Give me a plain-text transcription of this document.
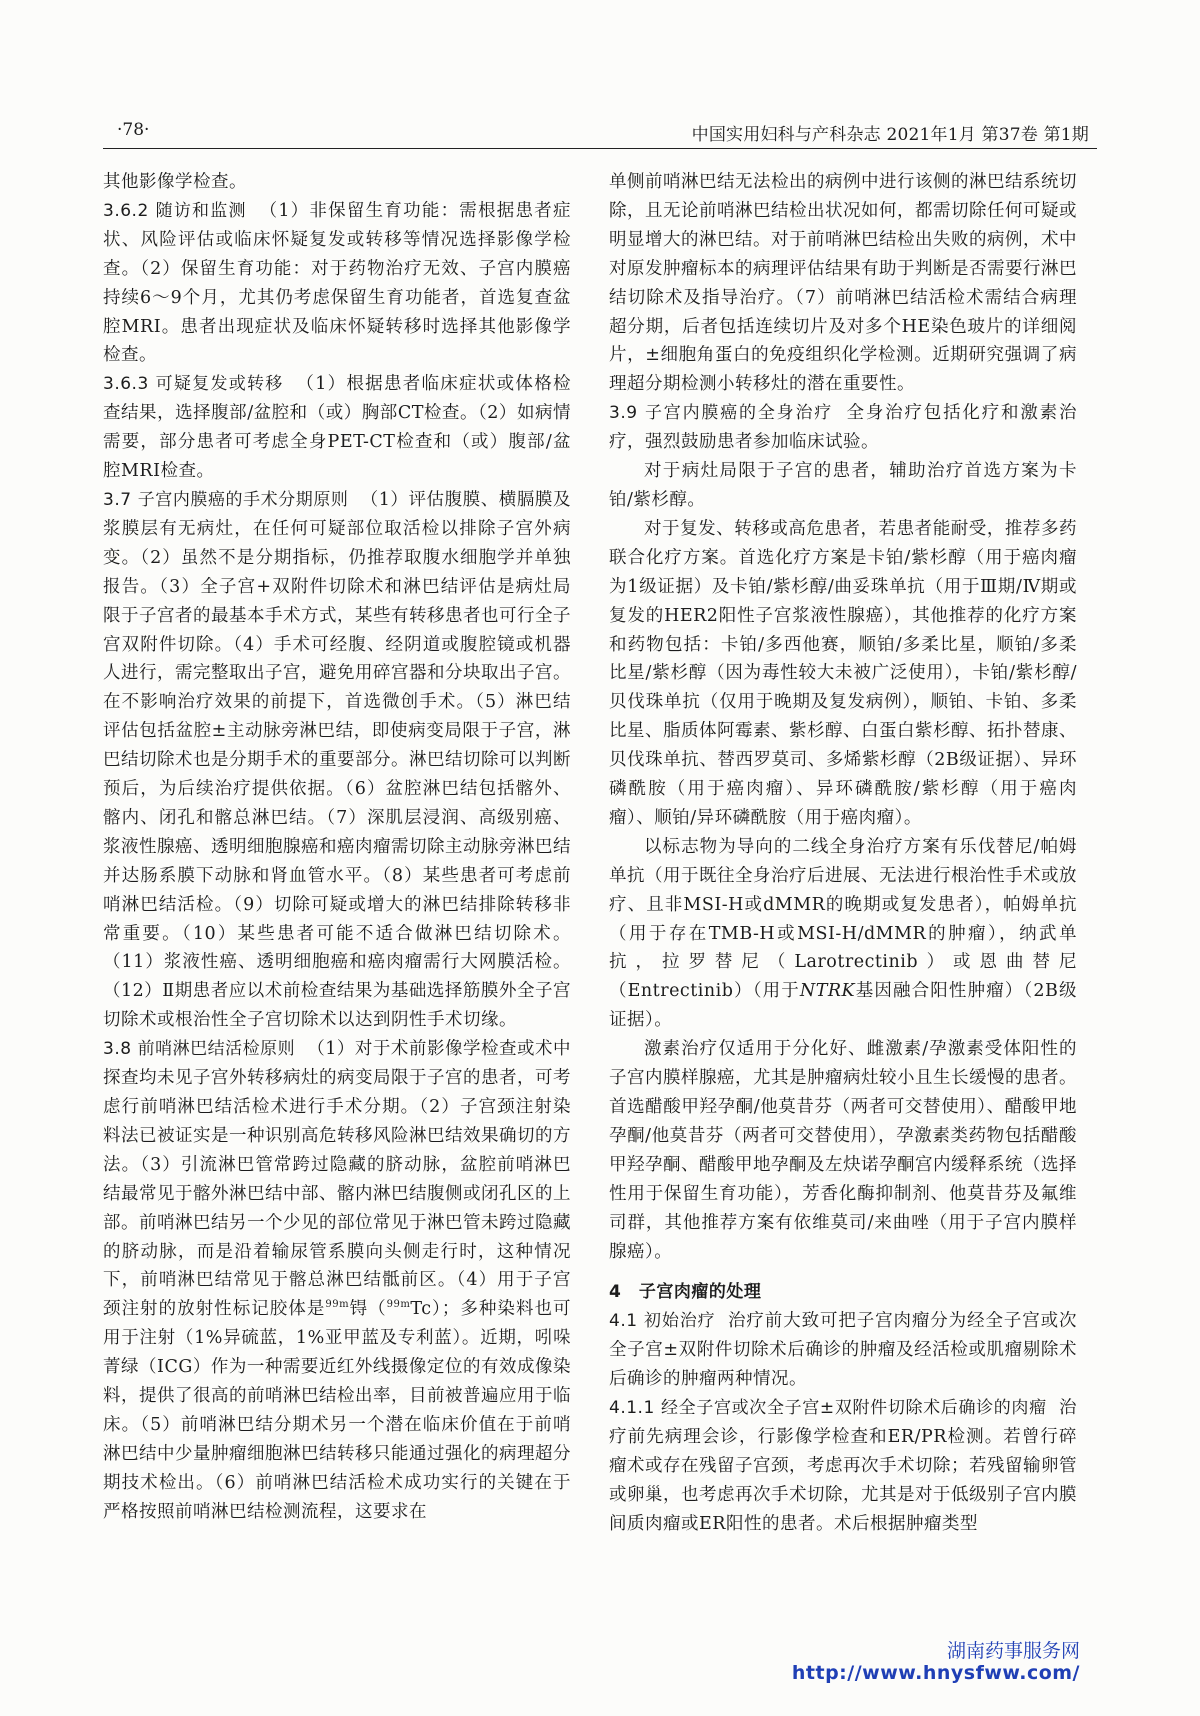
·78·	中国实用妇科与产科杂志 2021年1月 第37卷 第1期

其他影像学检查。

3.6.2 随访和监测 （1）非保留生育功能：需根据患者症状、风险评估或临床怀疑复发或转移等情况选择影像学检查。（2）保留生育功能：对于药物治疗无效、子宫内膜癌持续6～9个月，尤其仍考虑保留生育功能者，首选复查盆腔MRI。患者出现症状及临床怀疑转移时选择其他影像学检查。

3.6.3 可疑复发或转移 （1）根据患者临床症状或体格检查结果，选择腹部/盆腔和（或）胸部CT检查。（2）如病情需要，部分患者可考虑全身PET-CT检查和（或）腹部/盆腔MRI检查。

3.7 子宫内膜癌的手术分期原则 （1）评估腹膜、横膈膜及浆膜层有无病灶，在任何可疑部位取活检以排除子宫外病变。（2）虽然不是分期指标，仍推荐取腹水细胞学并单独报告。（3）全子宫+双附件切除术和淋巴结评估是病灶局限于子宫者的最基本手术方式，某些有转移患者也可行全子宫双附件切除。（4）手术可经腹、经阴道或腹腔镜或机器人进行，需完整取出子宫，避免用碎宫器和分块取出子宫。在不影响治疗效果的前提下，首选微创手术。（5）淋巴结评估包括盆腔±主动脉旁淋巴结，即使病变局限于子宫，淋巴结切除术也是分期手术的重要部分。淋巴结切除可以判断预后，为后续治疗提供依据。（6）盆腔淋巴结包括髂外、髂内、闭孔和髂总淋巴结。（7）深肌层浸润、高级别癌、浆液性腺癌、透明细胞腺癌和癌肉瘤需切除主动脉旁淋巴结并达肠系膜下动脉和肾血管水平。（8）某些患者可考虑前哨淋巴结活检。（9）切除可疑或增大的淋巴结排除转移非常重要。（10）某些患者可能不适合做淋巴结切除术。（11）浆液性癌、透明细胞癌和癌肉瘤需行大网膜活检。（12）Ⅱ期患者应以术前检查结果为基础选择筋膜外全子宫切除术或根治性全子宫切除术以达到阴性手术切缘。

3.8 前哨淋巴结活检原则 （1）对于术前影像学检查或术中探查均未见子宫外转移病灶的病变局限于子宫的患者，可考虑行前哨淋巴结活检术进行手术分期。（2）子宫颈注射染料法已被证实是一种识别高危转移风险淋巴结效果确切的方法。（3）引流淋巴管常跨过隐藏的脐动脉，盆腔前哨淋巴结最常见于髂外淋巴结中部、髂内淋巴结腹侧或闭孔区的上部。前哨淋巴结另一个少见的部位常见于淋巴管未跨过隐藏的脐动脉，而是沿着输尿管系膜向头侧走行时，这种情况下，前哨淋巴结常见于髂总淋巴结骶前区。（4）用于子宫颈注射的放射性标记胶体是$^{99m}$锝（$^{99m}$Tc）；多种染料也可用于注射（1%异硫蓝，1%亚甲蓝及专利蓝）。近期，吲哚菁绿（ICG）作为一种需要近红外线摄像定位的有效成像染料，提供了很高的前哨淋巴结检出率，目前被普遍应用于临床。（5）前哨淋巴结分期术另一个潜在临床价值在于前哨淋巴结中少量肿瘤细胞淋巴结转移只能通过强化的病理超分期技术检出。（6）前哨淋巴结活检术成功实行的关键在于严格按照前哨淋巴结检测流程，这要求在

单侧前哨淋巴结无法检出的病例中进行该侧的淋巴结系统切除，且无论前哨淋巴结检出状况如何，都需切除任何可疑或明显增大的淋巴结。对于前哨淋巴结检出失败的病例，术中对原发肿瘤标本的病理评估结果有助于判断是否需要行淋巴结切除术及指导治疗。（7）前哨淋巴结活检术需结合病理超分期，后者包括连续切片及对多个HE染色玻片的详细阅片，±细胞角蛋白的免疫组织化学检测。近期研究强调了病理超分期检测小转移灶的潜在重要性。

3.9 子宫内膜癌的全身治疗 全身治疗包括化疗和激素治疗，强烈鼓励患者参加临床试验。

对于病灶局限于子宫的患者，辅助治疗首选方案为卡铂/紫杉醇。

对于复发、转移或高危患者，若患者能耐受，推荐多药联合化疗方案。首选化疗方案是卡铂/紫杉醇（用于癌肉瘤为1级证据）及卡铂/紫杉醇/曲妥珠单抗（用于Ⅲ期/Ⅳ期或复发的HER2阳性子宫浆液性腺癌），其他推荐的化疗方案和药物包括：卡铂/多西他赛，顺铂/多柔比星，顺铂/多柔比星/紫杉醇（因为毒性较大未被广泛使用），卡铂/紫杉醇/贝伐珠单抗（仅用于晚期及复发病例），顺铂、卡铂、多柔比星、脂质体阿霉素、紫杉醇、白蛋白紫杉醇、拓扑替康、贝伐珠单抗、替西罗莫司、多烯紫杉醇（2B级证据）、异环磷酰胺（用于癌肉瘤）、异环磷酰胺/紫杉醇（用于癌肉瘤）、顺铂/异环磷酰胺（用于癌肉瘤）。

以标志物为导向的二线全身治疗方案有乐伐替尼/帕姆单抗（用于既往全身治疗后进展、无法进行根治性手术或放疗、且非MSI-H或dMMR的晚期或复发患者），帕姆单抗（用于存在TMB-H或MSI-H/dMMR的肿瘤），纳武单抗，拉罗替尼（Larotrectinib）或恩曲替尼（Entrectinib）（用于NTRK基因融合阳性肿瘤）（2B级证据）。

激素治疗仅适用于分化好、雌激素/孕激素受体阳性的子宫内膜样腺癌，尤其是肿瘤病灶较小且生长缓慢的患者。首选醋酸甲羟孕酮/他莫昔芬（两者可交替使用）、醋酸甲地孕酮/他莫昔芬（两者可交替使用），孕激素类药物包括醋酸甲羟孕酮、醋酸甲地孕酮及左炔诺孕酮宫内缓释系统（选择性用于保留生育功能），芳香化酶抑制剂、他莫昔芬及氟维司群，其他推荐方案有依维莫司/来曲唑（用于子宫内膜样腺癌）。

4　子宫肉瘤的处理

4.1 初始治疗 治疗前大致可把子宫肉瘤分为经全子宫或次全子宫±双附件切除术后确诊的肿瘤及经活检或肌瘤剔除术后确诊的肿瘤两种情况。

4.1.1 经全子宫或次全子宫±双附件切除术后确诊的肉瘤 治疗前先病理会诊，行影像学检查和ER/PR检测。若曾行碎瘤术或存在残留子宫颈，考虑再次手术切除；若残留输卵管或卵巢，也考虑再次手术切除，尤其是对于低级别子宫内膜间质肉瘤或ER阳性的患者。术后根据肿瘤类型

湖南药事服务网
http://www.hnysfww.com/
